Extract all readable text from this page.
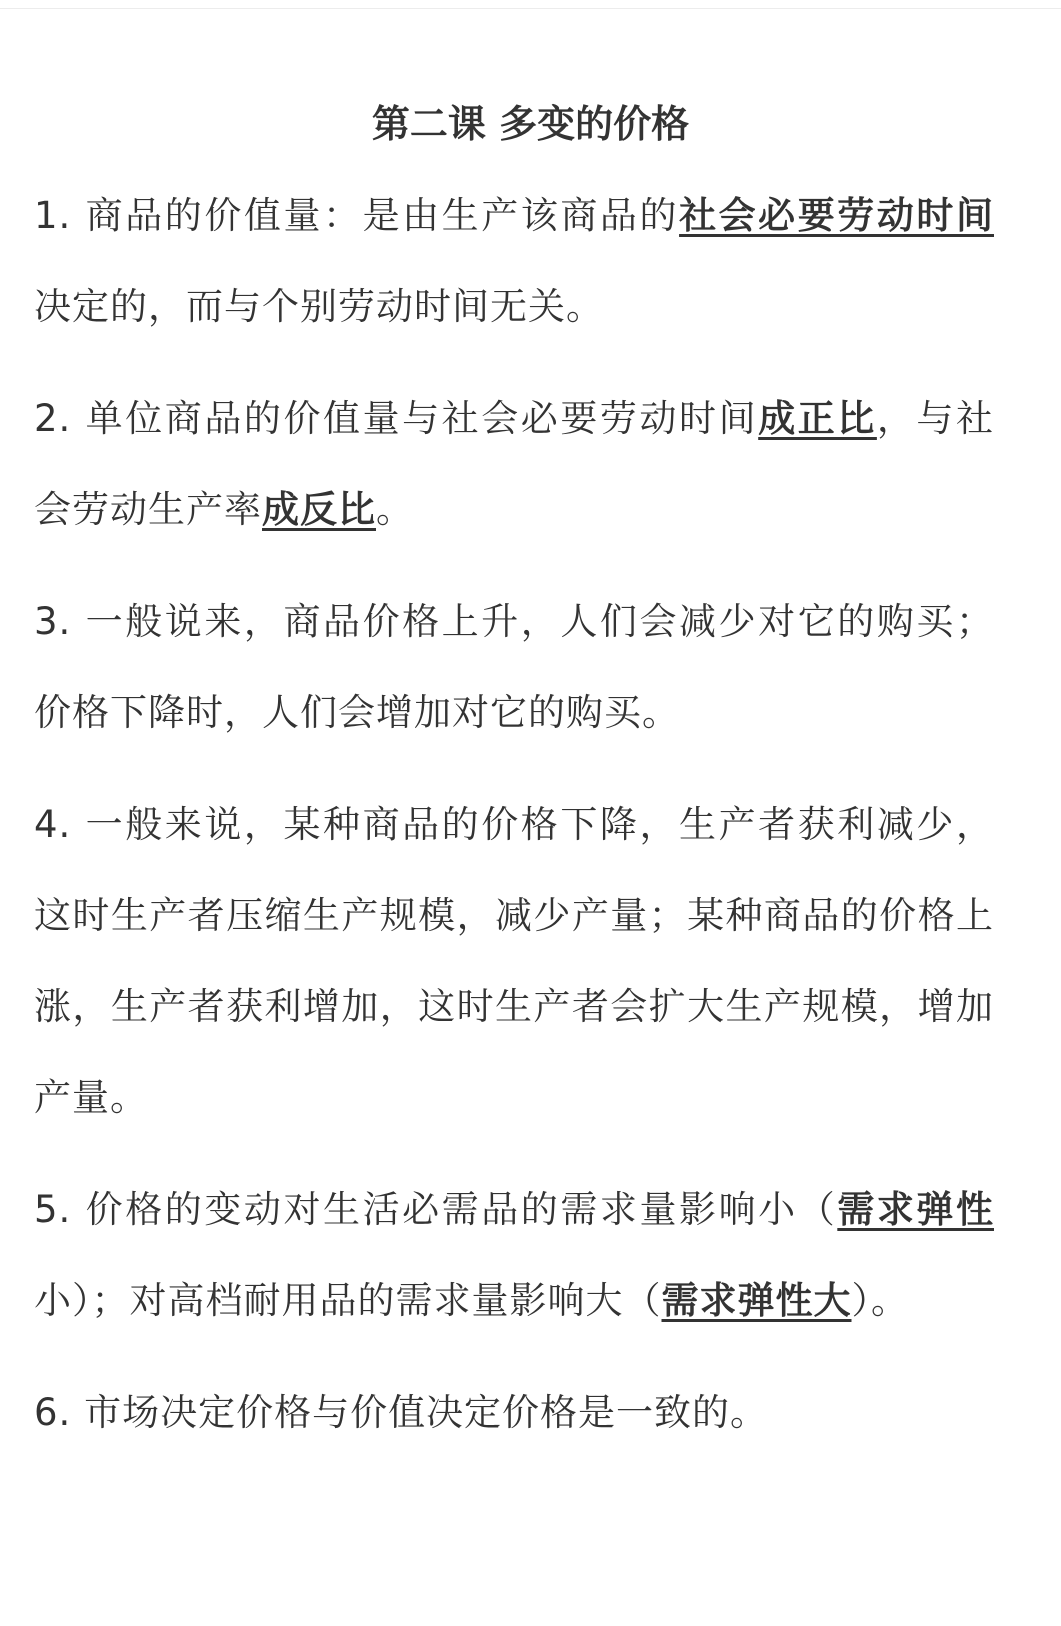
第二课 多变的价格

1. 商品的价值量：是由生产该商品的社会必要劳动时间决定的，而与个别劳动时间无关。

2. 单位商品的价值量与社会必要劳动时间成正比，与社会劳动生产率成反比。

3. 一般说来，商品价格上升，人们会减少对它的购买；价格下降时，人们会增加对它的购买。

4. 一般来说，某种商品的价格下降，生产者获利减少，这时生产者压缩生产规模，减少产量；某种商品的价格上涨，生产者获利增加，这时生产者会扩大生产规模，增加产量。

5. 价格的变动对生活必需品的需求量影响小（需求弹性小）；对高档耐用品的需求量影响大（需求弹性大）。

6. 市场决定价格与价值决定价格是一致的。
